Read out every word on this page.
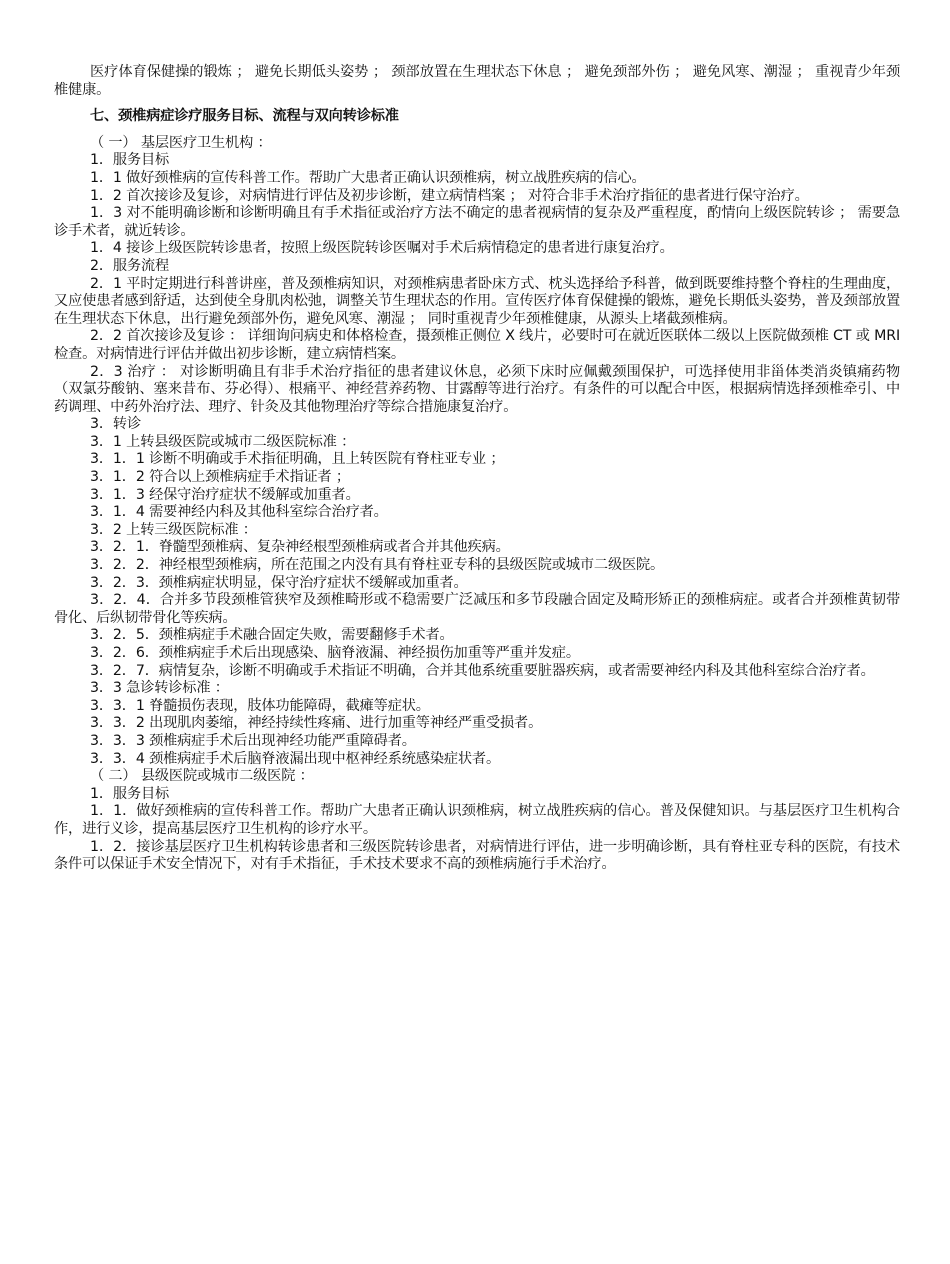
医疗体育保健操的锻炼 ； 避免长期低头姿势 ； 颈部放置在生理状态下休息 ； 避免颈部外伤 ； 避免风寒、潮湿 ； 重视青少年颈椎健康。

七、颈椎病症诊疗服务目标、流程与双向转诊标准

（ 一） 基层医疗卫生机构 ：

1．服务目标

1．1 做好颈椎病的宣传科普工作。帮助广大患者正确认识颈椎病，树立战胜疾病的信心。

1．2 首次接诊及复诊，对病情进行评估及初步诊断，建立病情档案 ； 对符合非手术治疗指征的患者进行保守治疗。

1．3 对不能明确诊断和诊断明确且有手术指征或治疗方法不确定的患者视病情的复杂及严重程度，酌情向上级医院转诊 ； 需要急诊手术者，就近转诊。

1．4 接诊上级医院转诊患者，按照上级医院转诊医嘱对手术后病情稳定的患者进行康复治疗。

2．服务流程

2．1 平时定期进行科普讲座，普及颈椎病知识，对颈椎病患者卧床方式、枕头选择给予科普，做到既要维持整个脊柱的生理曲度，又应使患者感到舒适，达到使全身肌肉松弛，调整关节生理状态的作用。宣传医疗体育保健操的锻炼，避免长期低头姿势，普及颈部放置在生理状态下休息，出行避免颈部外伤，避免风寒、潮湿 ； 同时重视青少年颈椎健康，从源头上堵截颈椎病。

2．2 首次接诊及复诊 ： 详细询问病史和体格检查，摄颈椎正侧位 X 线片，必要时可在就近医联体二级以上医院做颈椎 CT 或 MRI 检查。对病情进行评估并做出初步诊断，建立病情档案。

2．3 治疗 ： 对诊断明确且有非手术治疗指征的患者建议休息，必须下床时应佩戴颈围保护，可选择使用非甾体类消炎镇痛药物（双氯芬酸钠、塞来昔布、芬必得）、根痛平、神经营养药物、甘露醇等进行治疗。有条件的可以配合中医，根据病情选择颈椎牵引、中药调理、中药外治疗法、理疗、针灸及其他物理治疗等综合措施康复治疗。

3．转诊

3．1 上转县级医院或城市二级医院标准 ：

3．1．1 诊断不明确或手术指征明确，且上转医院有脊柱亚专业 ；

3．1．2 符合以上颈椎病症手术指证者 ；

3．1．3 经保守治疗症状不缓解或加重者。

3．1．4 需要神经内科及其他科室综合治疗者。

3．2 上转三级医院标准 ：

3．2．1．脊髓型颈椎病、复杂神经根型颈椎病或者合并其他疾病。

3．2．2．神经根型颈椎病，所在范围之内没有具有脊柱亚专科的县级医院或城市二级医院。

3．2．3．颈椎病症状明显，保守治疗症状不缓解或加重者。

3．2．4．合并多节段颈椎管狭窄及颈椎畸形或不稳需要广泛减压和多节段融合固定及畸形矫正的颈椎病症。或者合并颈椎黄韧带骨化、后纵韧带骨化等疾病。

3．2．5．颈椎病症手术融合固定失败，需要翻修手术者。

3．2．6．颈椎病症手术后出现感染、脑脊液漏、神经损伤加重等严重并发症。

3．2．7．病情复杂，诊断不明确或手术指证不明确，合并其他系统重要脏器疾病，或者需要神经内科及其他科室综合治疗者。

3．3 急诊转诊标准 ：

3．3．1 脊髓损伤表现，肢体功能障碍，截瘫等症状。

3．3．2 出现肌肉萎缩，神经持续性疼痛、进行加重等神经严重受损者。

3．3．3 颈椎病症手术后出现神经功能严重障碍者。

3．3．4 颈椎病症手术后脑脊液漏出现中枢神经系统感染症状者。

（ 二） 县级医院或城市二级医院 ：

1．服务目标

1．1．做好颈椎病的宣传科普工作。帮助广大患者正确认识颈椎病，树立战胜疾病的信心。普及保健知识。与基层医疗卫生机构合作，进行义诊，提高基层医疗卫生机构的诊疗水平。

1．2．接诊基层医疗卫生机构转诊患者和三级医院转诊患者，对病情进行评估，进一步明确诊断，具有脊柱亚专科的医院，有技术条件可以保证手术安全情况下，对有手术指征，手术技术要求不高的颈椎病施行手术治疗。
